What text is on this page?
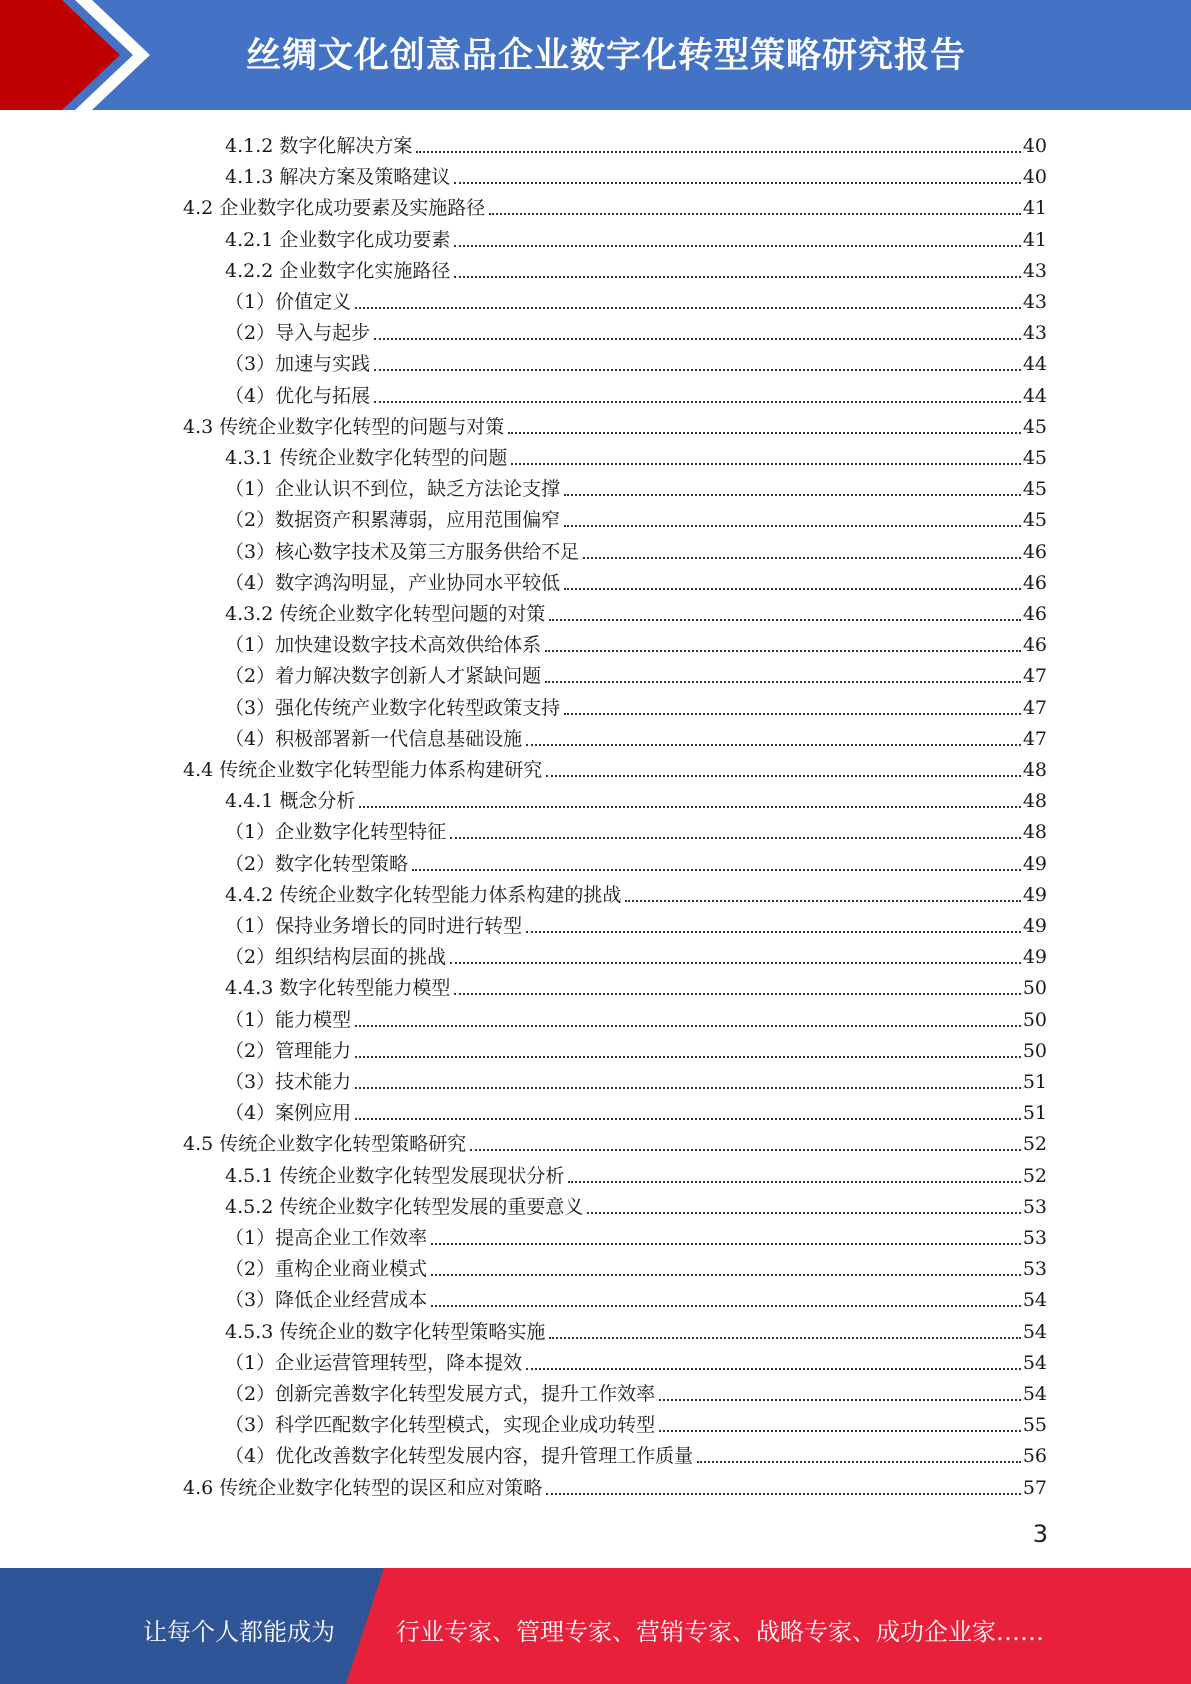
丝绸文化创意品企业数字化转型策略研究报告
4.1.2 数字化解决方案	40
4.1.3 解决方案及策略建议	40
4.2 企业数字化成功要素及实施路径	41
4.2.1 企业数字化成功要素	41
4.2.2 企业数字化实施路径	43
（1）价值定义	43
（2）导入与起步	43
（3）加速与实践	44
（4）优化与拓展	44
4.3 传统企业数字化转型的问题与对策	45
4.3.1 传统企业数字化转型的问题	45
（1）企业认识不到位，缺乏方法论支撑	45
（2）数据资产积累薄弱，应用范围偏窄	45
（3）核心数字技术及第三方服务供给不足	46
（4）数字鸿沟明显，产业协同水平较低	46
4.3.2 传统企业数字化转型问题的对策	46
（1）加快建设数字技术高效供给体系	46
（2）着力解决数字创新人才紧缺问题	47
（3）强化传统产业数字化转型政策支持	47
（4）积极部署新一代信息基础设施	47
4.4 传统企业数字化转型能力体系构建研究	48
4.4.1 概念分析	48
（1）企业数字化转型特征	48
（2）数字化转型策略	49
4.4.2 传统企业数字化转型能力体系构建的挑战	49
（1）保持业务增长的同时进行转型	49
（2）组织结构层面的挑战	49
4.4.3 数字化转型能力模型	50
（1）能力模型	50
（2）管理能力	50
（3）技术能力	51
（4）案例应用	51
4.5 传统企业数字化转型策略研究	52
4.5.1 传统企业数字化转型发展现状分析	52
4.5.2 传统企业数字化转型发展的重要意义	53
（1）提高企业工作效率	53
（2）重构企业商业模式	53
（3）降低企业经营成本	54
4.5.3 传统企业的数字化转型策略实施	54
（1）企业运营管理转型，降本提效	54
（2）创新完善数字化转型发展方式，提升工作效率	54
（3）科学匹配数字化转型模式，实现企业成功转型	55
（4）优化改善数字化转型发展内容，提升管理工作质量	56
4.6 传统企业数字化转型的误区和应对策略	57
3
让每个人都能成为	行业专家、管理专家、营销专家、战略专家、成功企业家……
